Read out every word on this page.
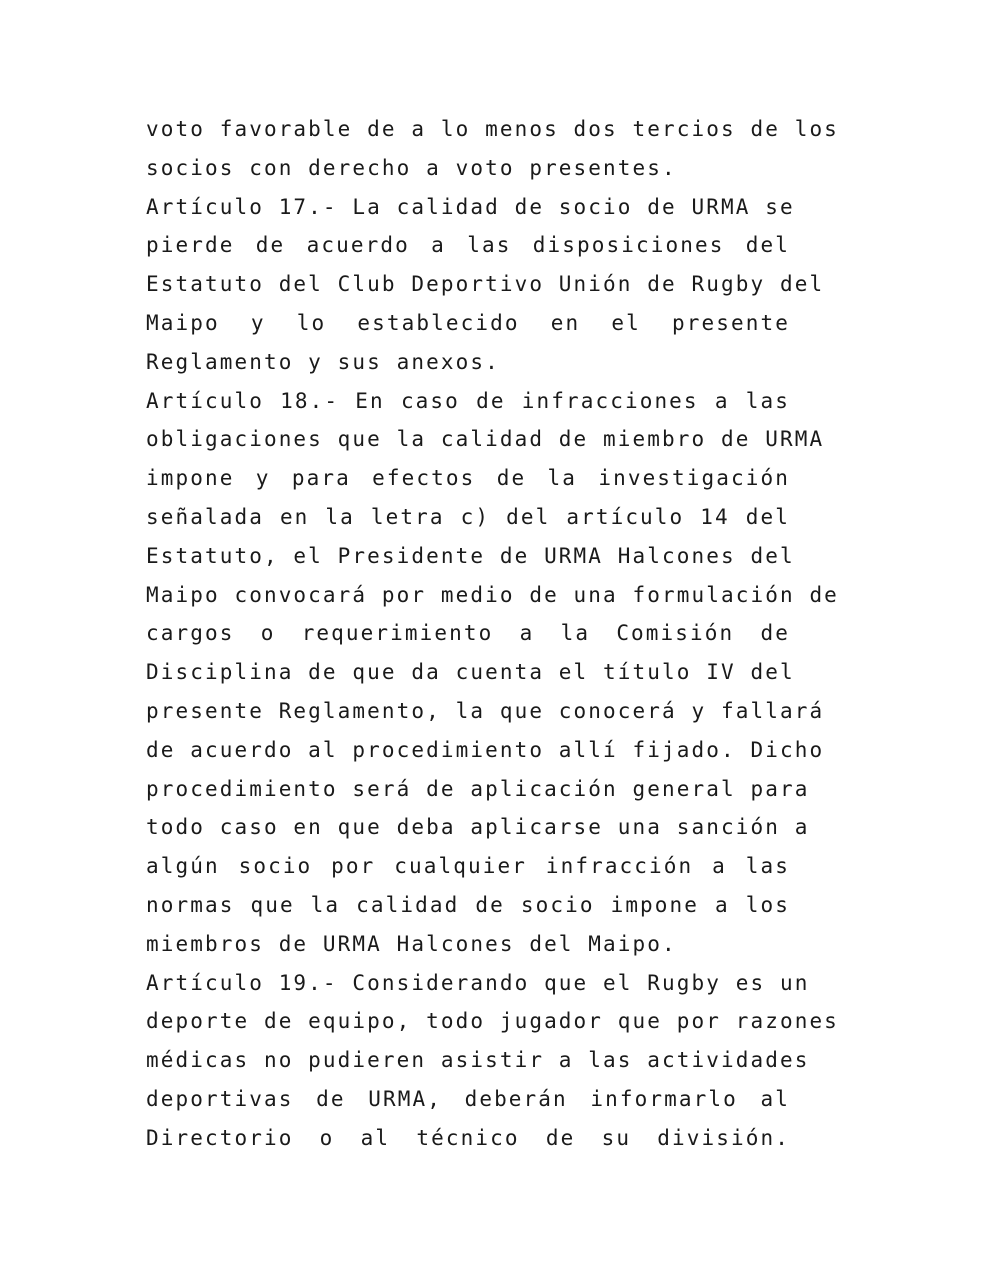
voto favorable de a lo menos dos tercios de los
socios con derecho a voto presentes.
Artículo 17.- La calidad de socio de URMA se
pierde de acuerdo a las disposiciones del
Estatuto del Club Deportivo Unión de Rugby del
Maipo y lo establecido en el presente
Reglamento y sus anexos.
Artículo 18.- En caso de infracciones a las
obligaciones que la calidad de miembro de URMA
impone y para efectos de la investigación
señalada en la letra c) del artículo 14 del
Estatuto, el Presidente de URMA Halcones del
Maipo convocará por medio de una formulación de
cargos o requerimiento a la Comisión de
Disciplina de que da cuenta el título IV del
presente Reglamento, la que conocerá y fallará
de acuerdo al procedimiento allí fijado. Dicho
procedimiento será de aplicación general para
todo caso en que deba aplicarse una sanción a
algún socio por cualquier infracción a las
normas que la calidad de socio impone a los
miembros de URMA Halcones del Maipo.
Artículo 19.- Considerando que el Rugby es un
deporte de equipo, todo jugador que por razones
médicas no pudieren asistir a las actividades
deportivas de URMA, deberán informarlo al
Directorio o al técnico de su división.
